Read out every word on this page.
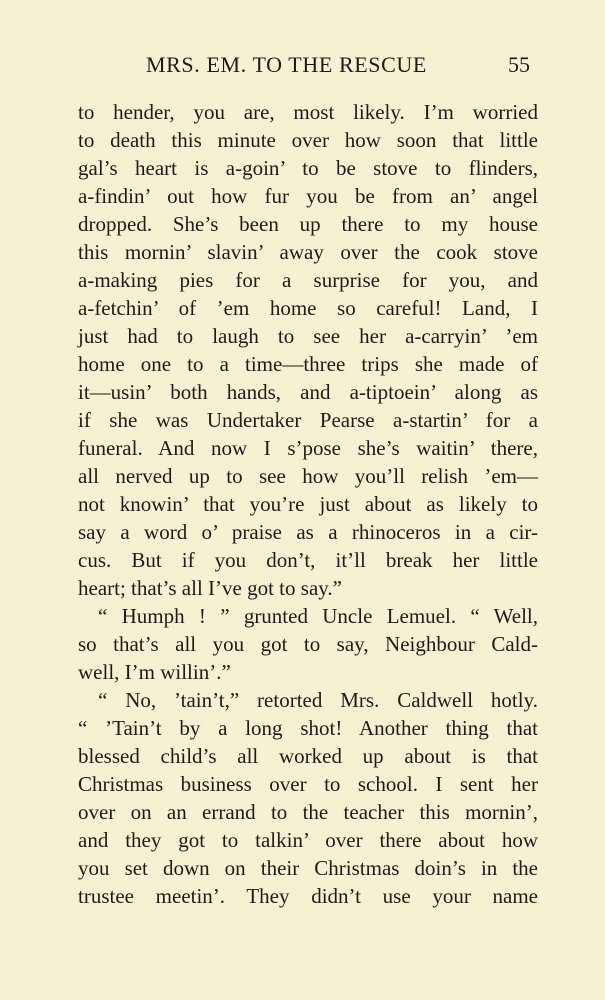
MRS. EM. TO THE RESCUE	55
to hender, you are, most likely. I’m worried
to death this minute over how soon that little
gal’s heart is a-goin’ to be stove to flinders,
a-findin’ out how fur you be from an’ angel
dropped. She’s been up there to my house
this mornin’ slavin’ away over the cook stove
a-making pies for a surprise for you, and
a-fetchin’ of ’em home so careful! Land, I
just had to laugh to see her a-carryin’ ’em
home one to a time—three trips she made of
it—usin’ both hands, and a-tiptoein’ along as
if she was Undertaker Pearse a-startin’ for a
funeral. And now I s’pose she’s waitin’ there,
all nerved up to see how you’ll relish ’em—
not knowin’ that you’re just about as likely to
say a word o’ praise as a rhinoceros in a cir-
cus. But if you don’t, it’ll break her little
heart; that’s all I’ve got to say.”
“ Humph ! ” grunted Uncle Lemuel. “ Well,
so that’s all you got to say, Neighbour Cald-
well, I’m willin’.”
“ No, ’tain’t,” retorted Mrs. Caldwell hotly.
“ ’Tain’t by a long shot! Another thing that
blessed child’s all worked up about is that
Christmas business over to school. I sent her
over on an errand to the teacher this mornin’,
and they got to talkin’ over there about how
you set down on their Christmas doin’s in the
trustee meetin’. They didn’t use your name
